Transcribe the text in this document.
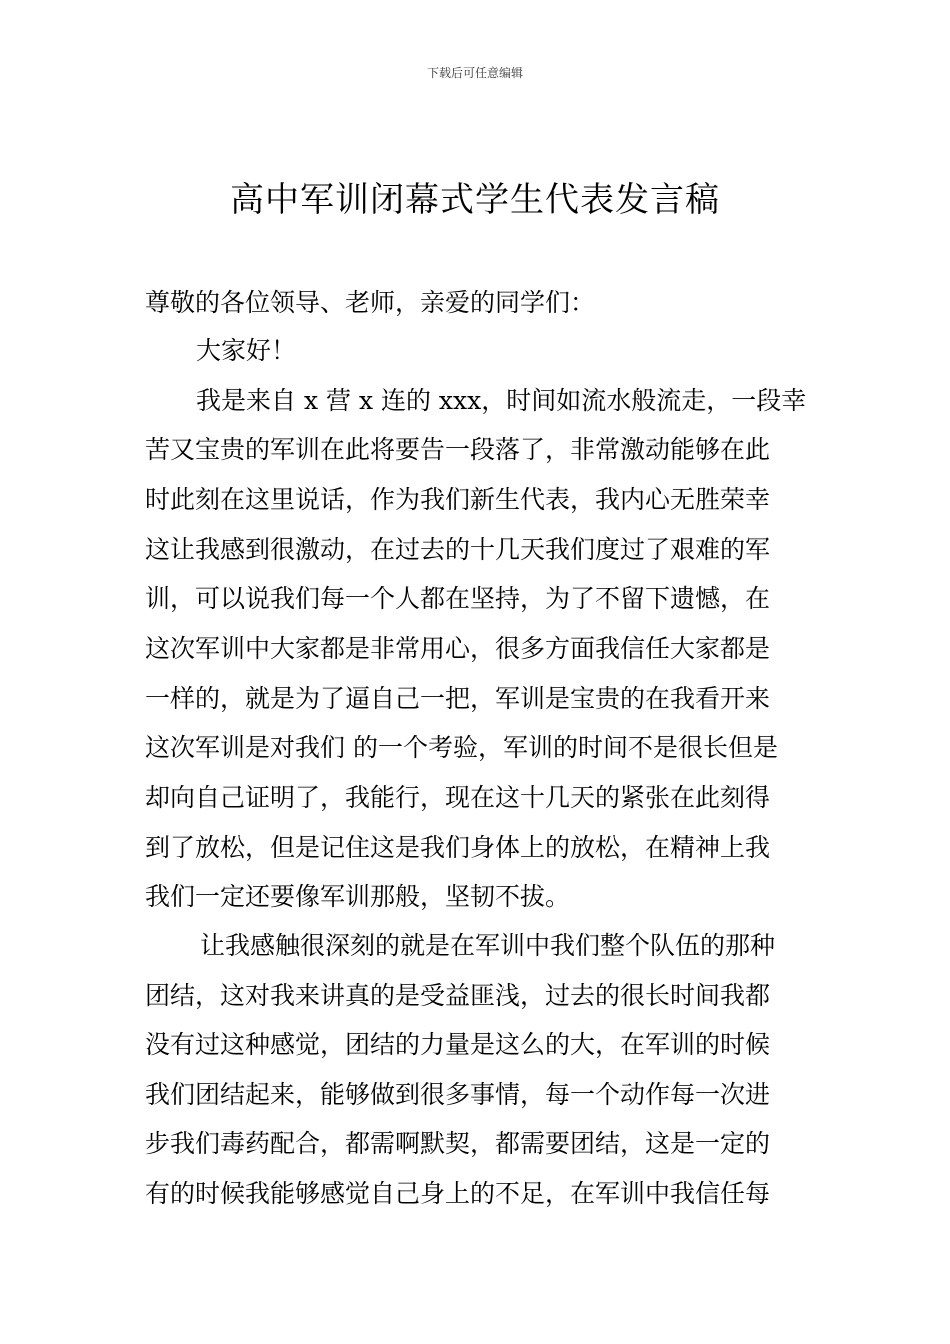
下载后可任意编辑
高中军训闭幕式学生代表发言稿
尊敬的各位领导、老师，亲爱的同学们：
大家好！
我是来自 x 营 x 连的 xxx，时间如流水般流走，一段幸
苦又宝贵的军训在此将要告一段落了，非常激动能够在此
时此刻在这里说话，作为我们新生代表，我内心无胜荣幸
这让我感到很激动，在过去的十几天我们度过了艰难的军
训，可以说我们每一个人都在坚持，为了不留下遗憾，在
这次军训中大家都是非常用心，很多方面我信任大家都是
一样的，就是为了逼自己一把，军训是宝贵的在我看开来
这次军训是对我们 的一个考验，军训的时间不是很长但是
却向自己证明了，我能行，现在这十几天的紧张在此刻得
到了放松，但是记住这是我们身体上的放松，在精神上我
我们一定还要像军训那般，坚韧不拔。
让我感触很深刻的就是在军训中我们整个队伍的那种
团结，这对我来讲真的是受益匪浅，过去的很长时间我都
没有过这种感觉，团结的力量是这么的大，在军训的时候
我们团结起来，能够做到很多事情，每一个动作每一次进
步我们毒药配合，都需啊默契，都需要团结，这是一定的
有的时候我能够感觉自己身上的不足，在军训中我信任每
